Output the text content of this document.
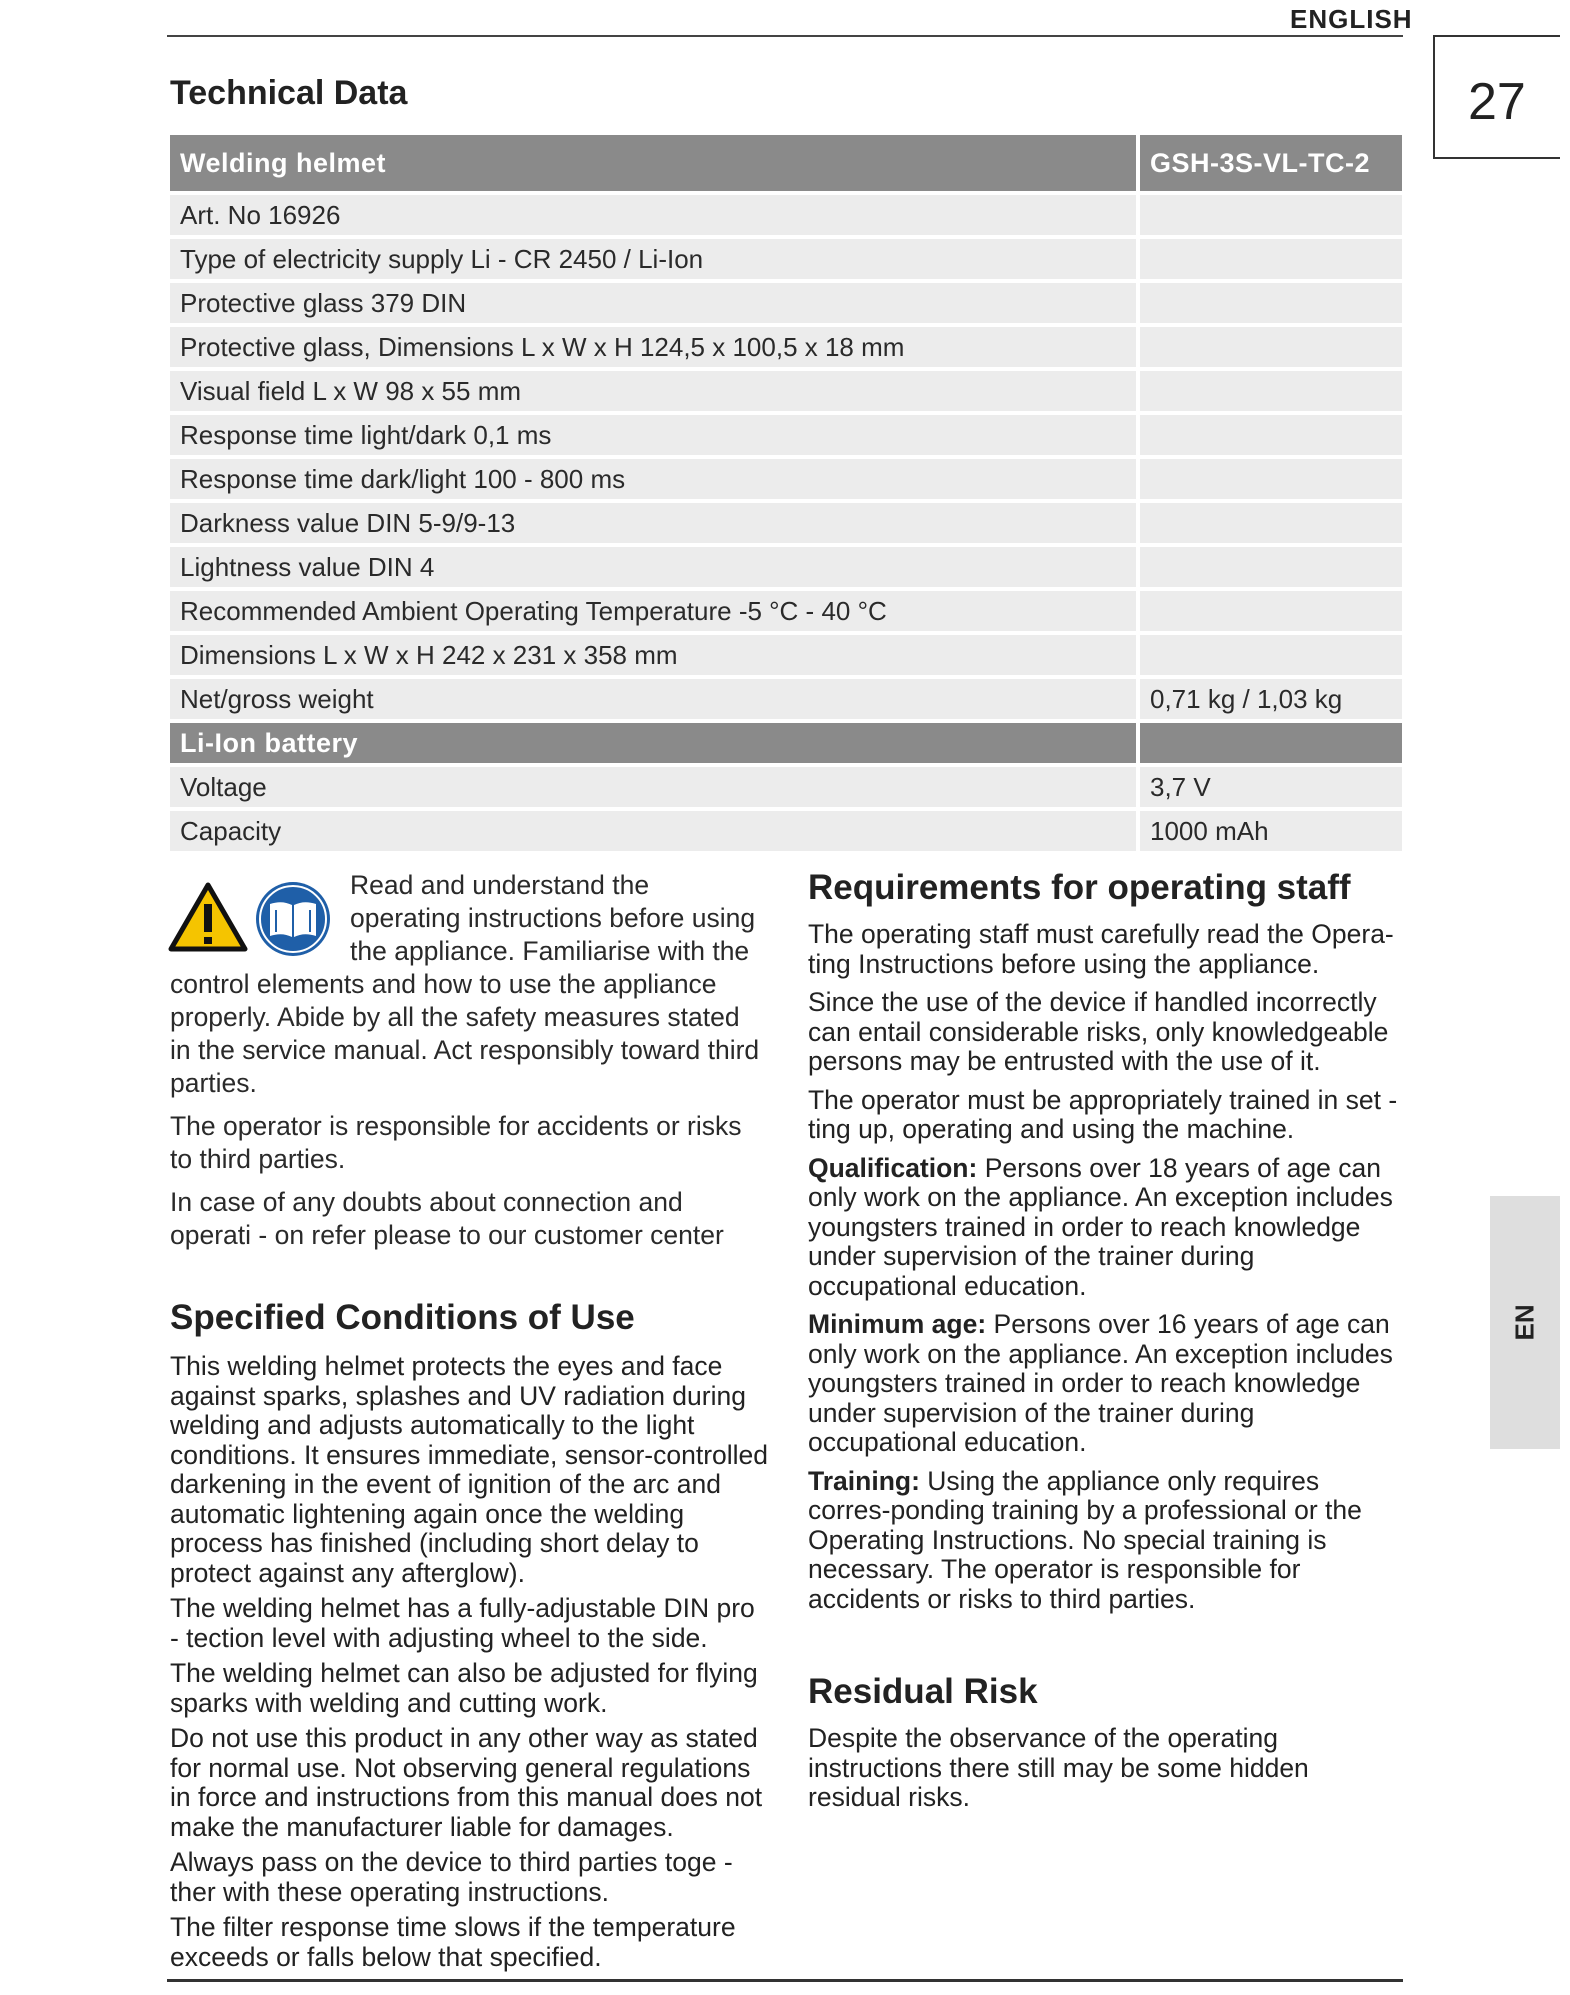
ENGLISH
27
Technical Data
Welding helmet	GSH-3S-VL-TC-2
Art. No 16926	
Type of electricity supply Li - CR 2450 / Li-Ion	
Protective glass 379 DIN	
Protective glass, Dimensions L x W x H 124,5 x 100,5 x 18 mm	
Visual field L x W 98 x 55 mm	
Response time light/dark 0,1 ms	
Response time dark/light 100 - 800 ms	
Darkness value DIN 5-9/9-13	
Lightness value DIN 4	
Recommended Ambient Operating Temperature -5 °C - 40 °C	
Dimensions L x W x H 242 x 231 x 358 mm	
Net/gross weight	0,71 kg / 1,03 kg
Li-Ion battery	
Voltage	3,7 V
Capacity	1000 mAh

Read and understand the operating instructions before using the appliance. Familiarise with the
control elements and how to use the appliance properly. Abide by all the safety measures stated in the service manual. Act responsibly toward third parties.

The operator is responsible for accidents or risks to third parties.

In case of any doubts about connection and operati - on refer please to our customer center

Specified Conditions of Use

This welding helmet protects the eyes and face against sparks, splashes and UV radiation during welding and adjusts automatically to the light conditions. It ensures immediate, sensor-controlled darkening in the event of ignition of the arc and automatic lightening again once the welding process has finished (including short delay to protect against any afterglow).

The welding helmet has a fully-adjustable DIN pro - tection level with adjusting wheel to the side.

The welding helmet can also be adjusted for flying sparks with welding and cutting work.

Do not use this product in any other way as stated for normal use. Not observing general regulations in force and instructions from this manual does not make the manufacturer liable for damages.

Always pass on the device to third parties toge - ther with these operating instructions.

The filter response time slows if the temperature exceeds or falls below that specified.

Requirements for operating staff

The operating staff must carefully read the Opera-ting Instructions before using the appliance.

Since the use of the device if handled incorrectly can entail considerable risks, only knowledgeable persons may be entrusted with the use of it.

The operator must be appropriately trained in set - ting up, operating and using the machine.

Qualification: Persons over 18 years of age can only work on the appliance. An exception includes youngsters trained in order to reach knowledge under supervision of the trainer during occupational education.

Minimum age: Persons over 16 years of age can only work on the appliance. An exception includes youngsters trained in order to reach knowledge under supervision of the trainer during occupational education.

Training: Using the appliance only requires corres-ponding training by a professional or the Operating Instructions. No special training is necessary. The operator is responsible for accidents or risks to third parties.

Residual Risk
Despite the observance of the operating instructions there still may be some hidden residual risks.
EN
